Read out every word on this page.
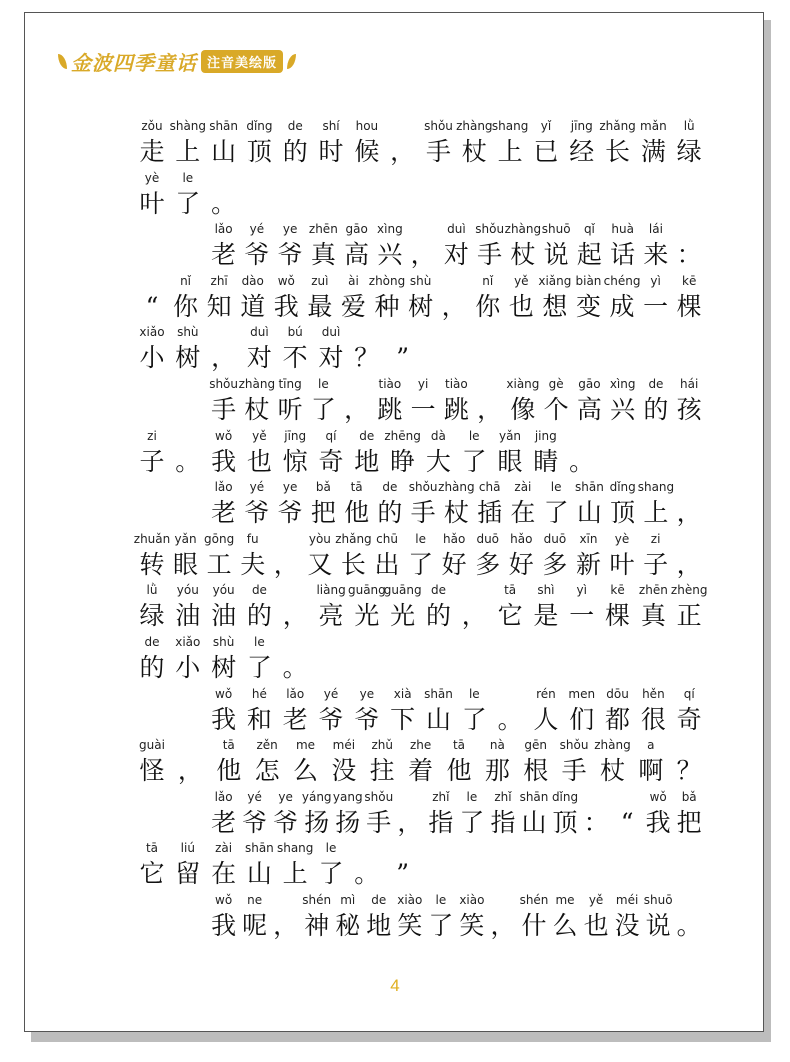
金波四季童话 注音美绘版
zǒu
走
shàng
上
shān
山
dǐng
顶
de
的
shí
时
hou
候 ，
shǒu
手
zhàng
杖
shang
上
yǐ
已
jīng
经
zhǎng
长
mǎn
满
lǜ
绿
yè
叶
le
了 。
lǎo
老
yé
爷
ye
爷
zhēn
真
gāo
高
xìng
兴 ，
duì
对
shǒu
手
zhàng
杖
shuō
说
qǐ
起
huà
话
lái
来 ：
“
nǐ
你
zhī
知
dào
道
wǒ
我
zuì
最
ài
爱
zhòng
种
shù
树 ，
nǐ
你
yě
也
xiǎng
想
biàn
变
chéng
成
yì
一
kē
棵
xiǎo
小
shù
树 ，
duì
对
bú
不
duì
对 ？ ”
shǒu
手
zhàng
杖
tīng
听
le
了 ，
tiào
跳
yi
一
tiào
跳 ，
xiàng
像
gè
个
gāo
高
xìng
兴
de
的
hái
孩
zi
子 。
wǒ
我
yě
也
jīng
惊
qí
奇
de
地
zhēng
睁
dà
大
le
了
yǎn
眼
jing
睛 。
lǎo
老
yé
爷
ye
爷
bǎ
把
tā
他
de
的
shǒu
手
zhàng
杖
chā
插
zài
在
le
了
shān
山
dǐng
顶
shang
上 ，
zhuǎn
转
yǎn
眼
gōng
工
fu
夫 ，
yòu
又
zhǎng
长
chū
出
le
了
hǎo
好
duō
多
hǎo
好
duō
多
xīn
新
yè
叶
zi
子 ，
lǜ
绿
yóu
油
yóu
油
de
的 ，
liàng
亮
guāng
光
guāng
光
de
的 ，
tā
它
shì
是
yì
一
kē
棵
zhēn
真
zhèng
正
de
的
xiǎo
小
shù
树
le
了 。
wǒ
我
hé
和
lǎo
老
yé
爷
ye
爷
xià
下
shān
山
le
了 。
rén
人
men
们
dōu
都
hěn
很
qí
奇
guài
怪 ，
tā
他
zěn
怎
me
么
méi
没
zhǔ
拄
zhe
着
tā
他
nà
那
gēn
根
shǒu
手
zhàng
杖
a
啊 ？
lǎo
老
yé
爷
ye
爷
yáng
扬
yang
扬
shǒu
手 ，
zhǐ
指
le
了
zhǐ
指
shān
山
dǐng
顶 ： “
wǒ
我
bǎ
把
tā
它
liú
留
zài
在
shān
山
shang
上
le
了 。 ”
wǒ
我
ne
呢 ，
shén
神
mì
秘
de
地
xiào
笑
le
了
xiào
笑 ，
shén
什
me
么
yě
也
méi
没
shuō
说 。
4
